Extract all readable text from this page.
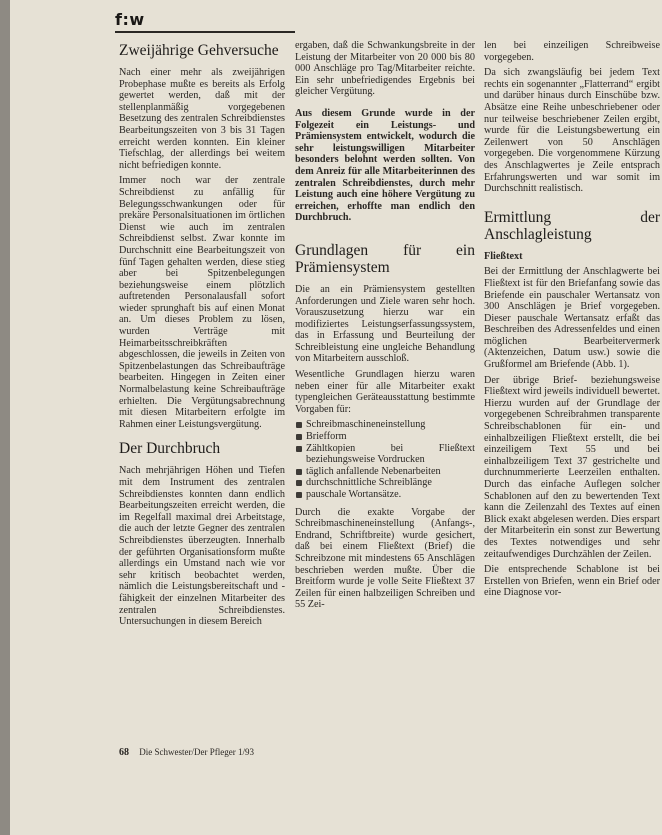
f:w
Zweijährige Gehversuche

Nach einer mehr als zweijährigen Probephase mußte es bereits als Erfolg gewertet werden, daß mit der stellenplanmäßig vorgegebenen Besetzung des zentralen Schreibdienstes Bearbeitungszeiten von 3 bis 31 Tagen erreicht werden konnten. Ein kleiner Tiefschlag, der allerdings bei weitem nicht befriedigen konnte.

Immer noch war der zentrale Schreibdienst zu anfällig für Belegungsschwankungen oder für prekäre Personalsituationen im örtlichen Dienst wie auch im zentralen Schreibdienst selbst. Zwar konnte im Durchschnitt eine Bearbeitungszeit von fünf Tagen gehalten werden, diese stieg aber bei Spitzenbelegungen beziehungsweise einem plötzlich auftretenden Personalausfall sofort wieder sprunghaft bis auf einen Monat an. Um dieses Problem zu lösen, wurden Verträge mit Heimarbeitsschreibkräften abgeschlossen, die jeweils in Zeiten von Spitzenbelastungen das Schreibaufträge bearbeiten. Hingegen in Zeiten einer Normalbelastung keine Schreibaufträge erhielten. Die Vergütungsabrechnung mit diesen Mitarbeitern erfolgte im Rahmen einer Leistungsvergütung.

Der Durchbruch

Nach mehrjährigen Höhen und Tiefen mit dem Instrument des zentralen Schreibdienstes konnten dann endlich Bearbeitungszeiten erreicht werden, die im Regelfall maximal drei Arbeitstage, die auch der letzte Gegner des zentralen Schreibdienstes überzeugten. Innerhalb der geführten Organisationsform mußte allerdings ein Umstand nach wie vor sehr kritisch beobachtet werden, nämlich die Leistungsbereitschaft und -fähigkeit der einzelnen Mitarbeiter des zentralen Schreibdienstes. Untersuchungen in diesem Bereich

ergaben, daß die Schwankungsbreite in der Leistung der Mitarbeiter von 20 000 bis 80 000 Anschläge pro Tag/Mitarbeiter reichte. Ein sehr unbefriedigendes Ergebnis bei gleicher Vergütung.

Aus diesem Grunde wurde in der Folgezeit ein Leistungs- und Prämiensystem entwickelt, wodurch die sehr leistungswilligen Mitarbeiter besonders belohnt werden sollten. Von dem Anreiz für alle Mitarbeiterinnen des zentralen Schreibdienstes, durch mehr Leistung auch eine höhere Vergütung zu erreichen, erhoffte man endlich den Durchbruch.

Grundlagen für ein Prämiensystem

Die an ein Prämiensystem gestellten Anforderungen und Ziele waren sehr hoch. Vorauszusetzung hierzu war ein modifiziertes Leistungserfassungssystem, das in Erfassung und Beurteilung der Schreibleistung eine ungleiche Behandlung von Mitarbeitern ausschloß.

Wesentliche Grundlagen hierzu waren neben einer für alle Mitarbeiter exakt typengleichen Geräteausstattung bestimmte Vorgaben für:

Schreibmaschineneinstellung
Briefform
Zähltkopien bei Fließtext beziehungsweise Vordrucken
täglich anfallende Nebenarbeiten
durchschnittliche Schreiblänge
pauschale Wortansätze.

Durch die exakte Vorgabe der Schreibmaschineneinstellung (Anfangs-, Endrand, Schriftbreite) wurde gesichert, daß bei einem Fließtext (Brief) die Schreibzone mit mindestens 65 Anschlägen beschrieben werden mußte. Über die Breitform wurde je volle Seite Fließtext 37 Zeilen für einen halbzeiligen Schreiben und 55 Zei-

len bei einzeiligen Schreibweise vorgegeben.

Da sich zwangsläufig bei jedem Text rechts ein sogenannter „Flatterrand“ ergibt und darüber hinaus durch Einschübe bzw. Absätze eine Reihe unbeschriebener oder nur teilweise beschriebener Zeilen ergibt, wurde für die Leistungsbewertung ein Zeilenwert von 50 Anschlägen vorgegeben. Die vorgenommene Kürzung des Anschlagwertes je Zeile entsprach Erfahrungswerten und war somit im Durchschnitt realistisch.

Ermittlung der Anschlagleistung

Fließtext

Bei der Ermittlung der Anschlagwerte bei Fließtext ist für den Briefanfang sowie das Briefende ein pauschaler Wertansatz von 300 Anschlägen je Brief vorgegeben. Dieser pauschale Wertansatz erfaßt das Beschreiben des Adressenfeldes und einen möglichen Bearbeitervermerk (Aktenzeichen, Datum usw.) sowie die Grußformel am Briefende (Abb. 1).

Der übrige Brief- beziehungsweise Fließtext wird jeweils individuell bewertet. Hierzu wurden auf der Grundlage der vorgegebenen Schreibrahmen transparente Schreibschablonen für ein- und einhalbzeiligen Fließtext erstellt, die bei einzeiligem Text 55 und bei einhalbzeiligem Text 37 gestrichelte und durchnummerierte Leerzeilen enthalten. Durch das einfache Auflegen solcher Schablonen auf den zu bewertenden Text kann die Zeilenzahl des Textes auf einen Blick exakt abgelesen werden. Dies erspart der Mitarbeiterin ein sonst zur Bewertung des Textes notwendiges und sehr zeitaufwendiges Durchzählen der Zeilen.

Die entsprechende Schablone ist bei Erstellen von Briefen, wenn ein Brief oder eine Diagnose vor-

68 Die Schwester/Der Pfleger 1/93
